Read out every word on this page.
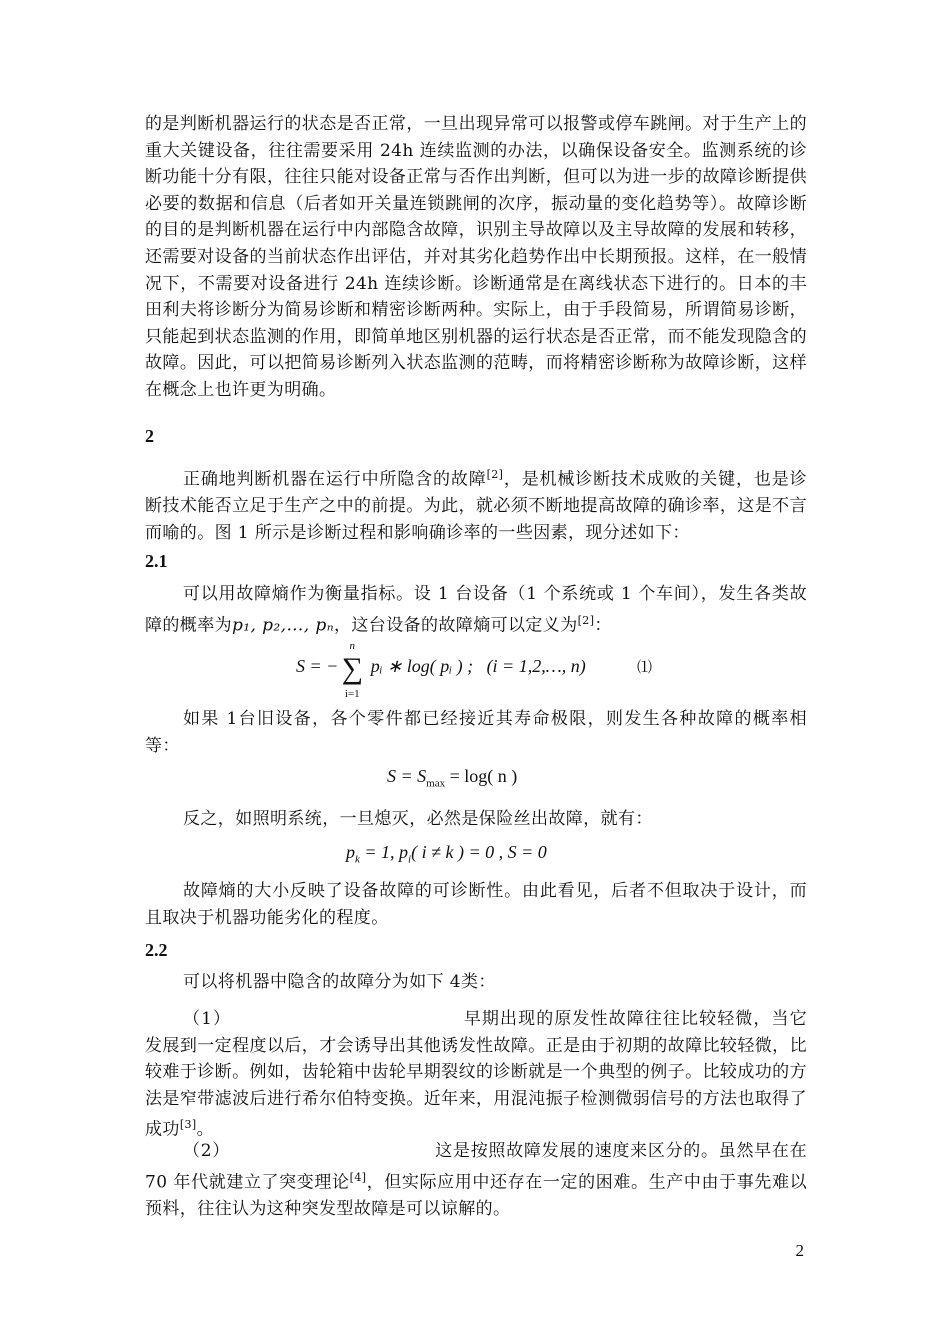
的是判断机器运行的状态是否正常，一旦出现异常可以报警或停车跳闸。对于生产上的重大关键设备，往往需要采用 24h 连续监测的办法，以确保设备安全。监测系统的诊断功能十分有限，往往只能对设备正常与否作出判断，但可以为进一步的故障诊断提供必要的数据和信息（后者如开关量连锁跳闸的次序，振动量的变化趋势等）。故障诊断的目的是判断机器在运行中内部隐含故障，识别主导故障以及主导故障的发展和转移，还需要对设备的当前状态作出评估，并对其劣化趋势作出中长期预报。这样，在一般情况下，不需要对设备进行 24h 连续诊断。诊断通常是在离线状态下进行的。日本的丰田利夫将诊断分为简易诊断和精密诊断两种。实际上，由于手段简易，所谓简易诊断，只能起到状态监测的作用，即简单地区别机器的运行状态是否正常，而不能发现隐含的故障。因此，可以把简易诊断列入状态监测的范畴，而将精密诊断称为故障诊断，这样在概念上也许更为明确。
2
正确地判断机器在运行中所隐含的故障[2]，是机械诊断技术成败的关键，也是诊断技术能否立足于生产之中的前提。为此，就必须不断地提高故障的确诊率，这是不言而喻的。图 1 所示是诊断过程和影响确诊率的一些因素，现分述如下：
2.1
可以用故障熵作为衡量指标。设 1 台设备（1 个系统或 1 个车间），发生各类故障的概率为p₁, p₂,…, pₙ，这台设备的故障熵可以定义为[2]：
S = −
n
∑
i=1
pᵢ ∗ log( pᵢ ) ; (i = 1,2,…, n)	⑴
如果 1台旧设备，各个零件都已经接近其寿命极限，则发生各种故障的概率相等：
$S = S_{max} = \log$( n )
反之，如照明系统，一旦熄灭，必然是保险丝出故障，就有：
$p_k = 1$, $p_i$( i ≠ k ) = 0 , S = 0
故障熵的大小反映了设备故障的可诊断性。由此看见，后者不但取决于设计，而且取决于机器功能劣化的程度。
2.2
可以将机器中隐含的故障分为如下 4类：
（1）	早期出现的原发性故障往往比较轻微，当它发展到一定程度以后，才会诱导出其他诱发性故障。正是由于初期的故障比较轻微，比较难于诊断。例如，齿轮箱中齿轮早期裂纹的诊断就是一个典型的例子。比较成功的方法是窄带滤波后进行希尔伯特变换。近年来，用混沌振子检测微弱信号的方法也取得了成功[3]。
（2）	这是按照故障发展的速度来区分的。虽然早在在 70 年代就建立了突变理论[4]，但实际应用中还存在一定的困难。生产中由于事先难以预料，往往认为这种突发型故障是可以谅解的。
2
